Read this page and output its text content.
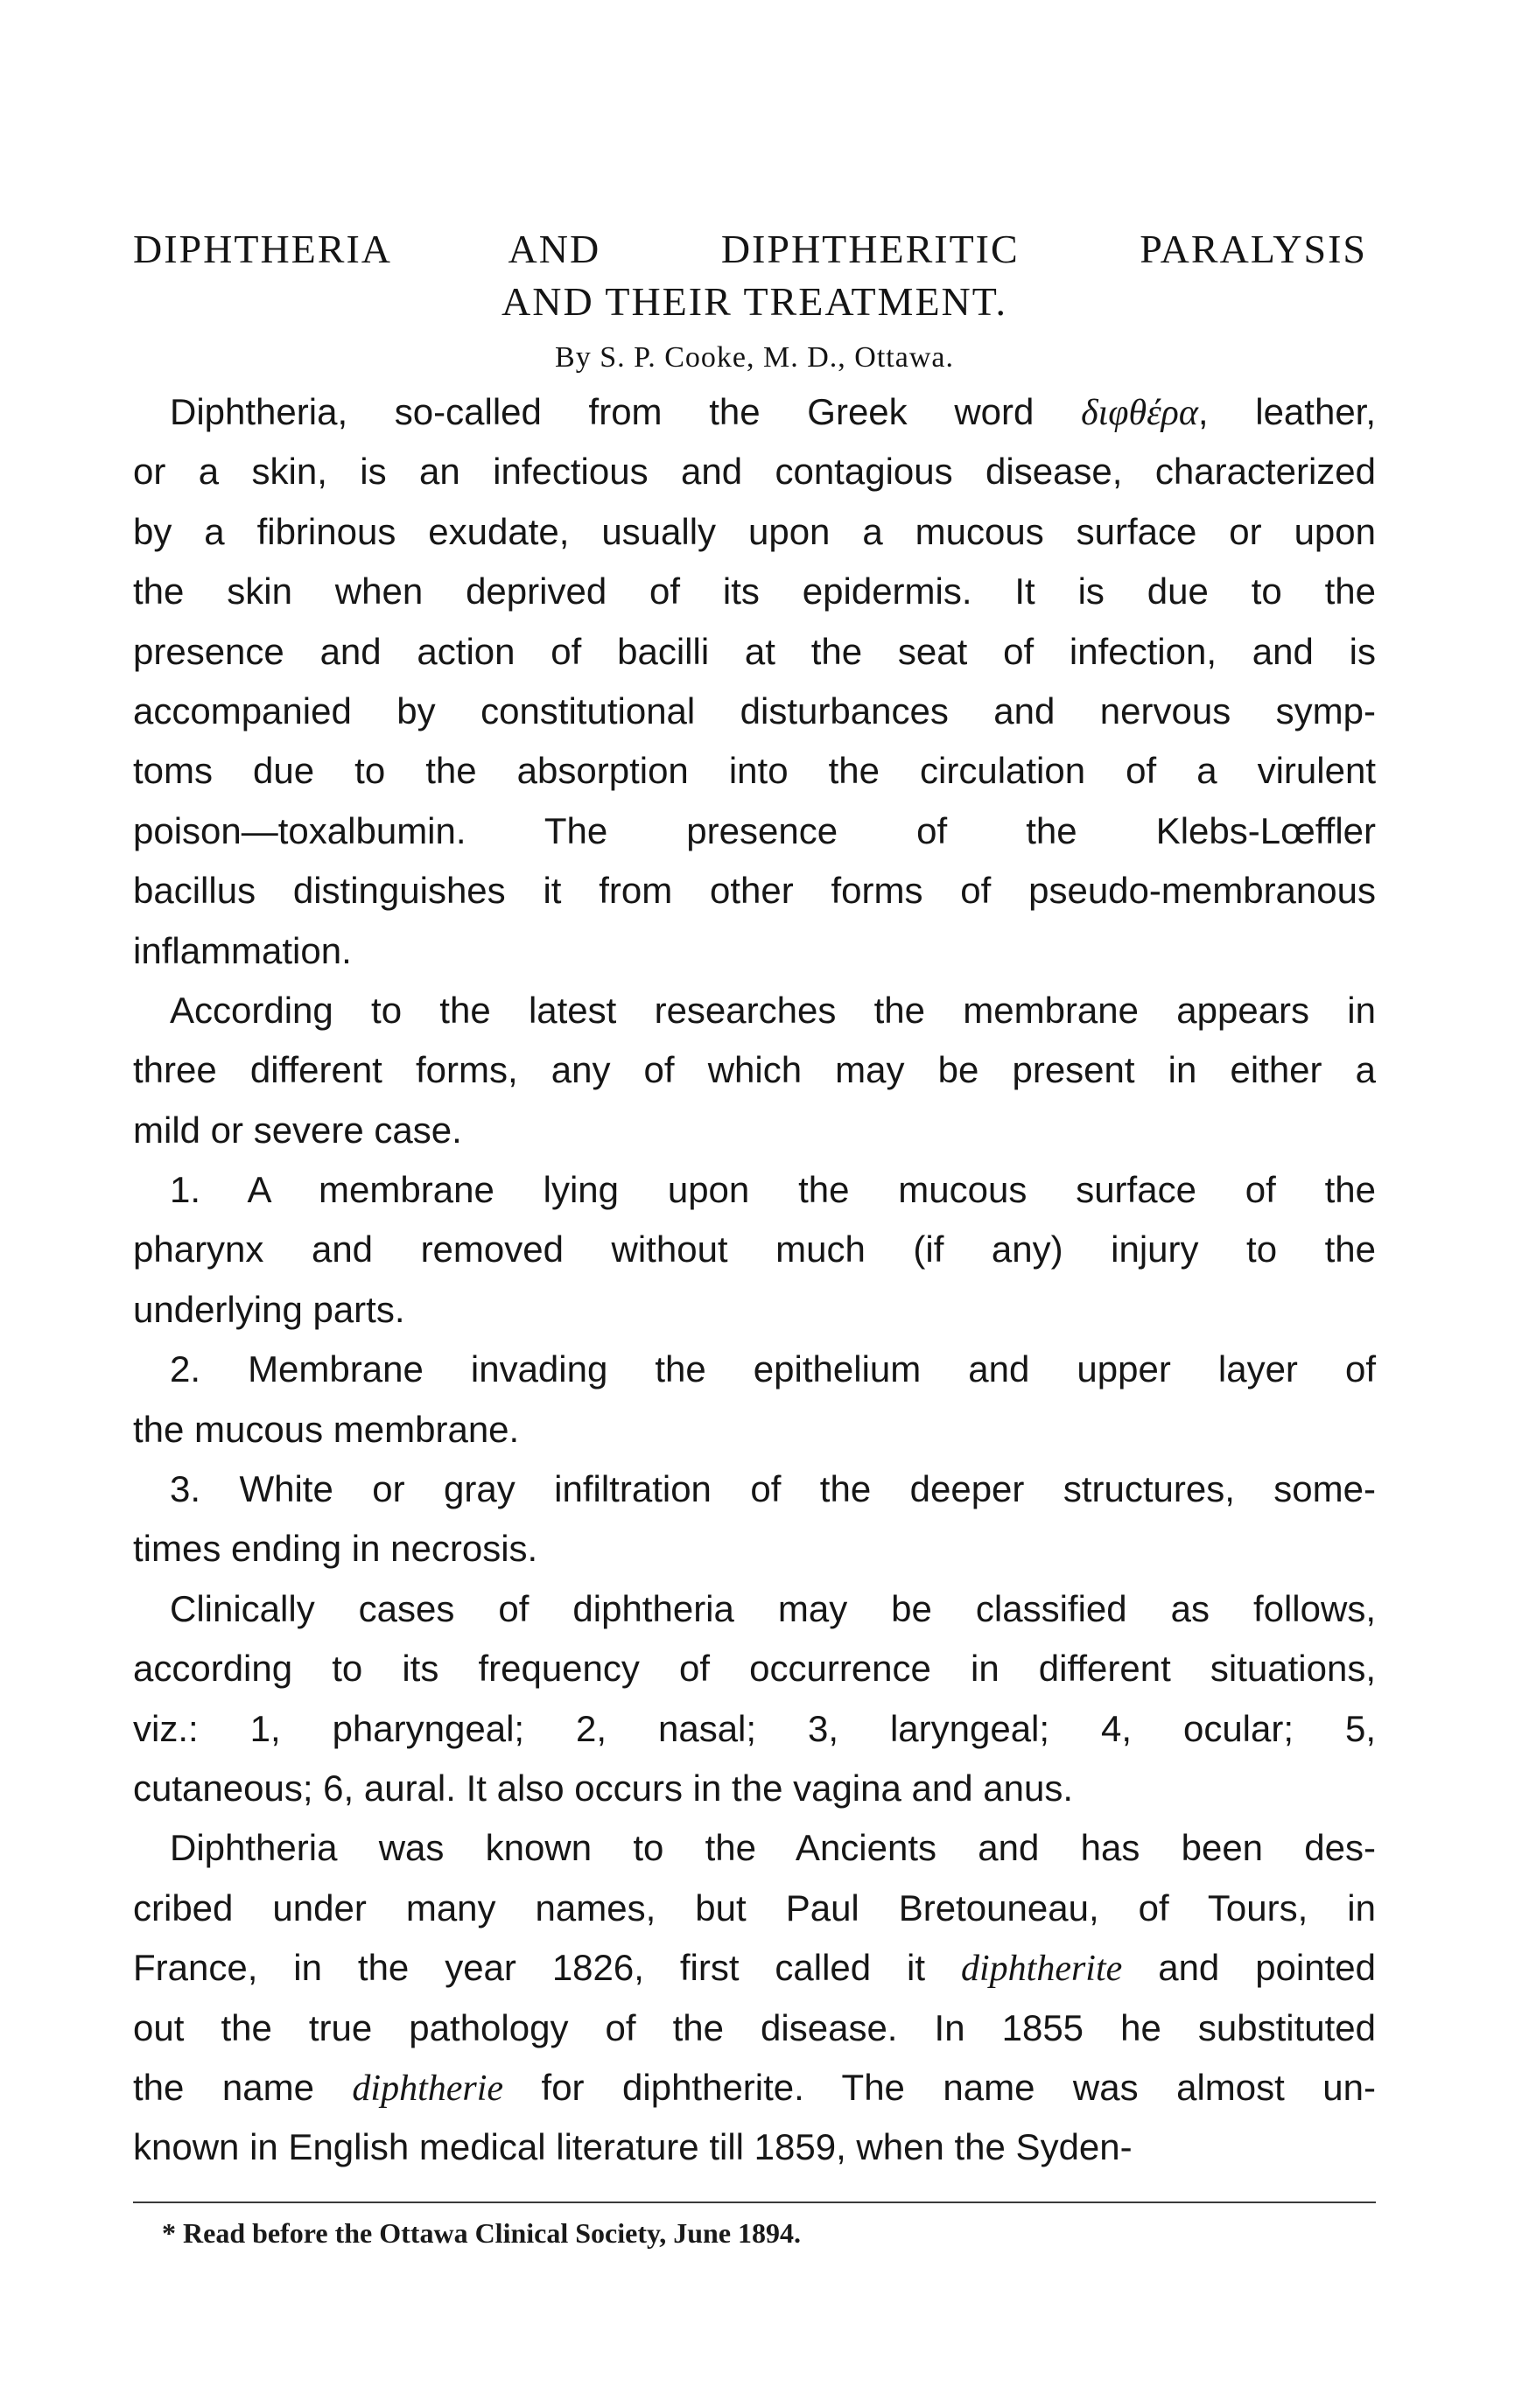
DIPHTHERIA AND DIPHTHERITIC PARALYSIS
AND THEIR TREATMENT.
By S. P. Cooke, M. D., Ottawa.
Diphtheria, so-called from the Greek word διφθέρα, leather,
or a skin, is an infectious and contagious disease, characterized
by a fibrinous exudate, usually upon a mucous surface or upon
the skin when deprived of its epidermis. It is due to the
presence and action of bacilli at the seat of infection, and is
accompanied by constitutional disturbances and nervous symp-
toms due to the absorption into the circulation of a virulent
poison—toxalbumin. The presence of the Klebs-Lœffler
bacillus distinguishes it from other forms of pseudo-membranous
inflammation.
According to the latest researches the membrane appears in
three different forms, any of which may be present in either a
mild or severe case.
1. A membrane lying upon the mucous surface of the
pharynx and removed without much (if any) injury to the
underlying parts.
2. Membrane invading the epithelium and upper layer of
the mucous membrane.
3. White or gray infiltration of the deeper structures, some-
times ending in necrosis.
Clinically cases of diphtheria may be classified as follows,
according to its frequency of occurrence in different situations,
viz.: 1, pharyngeal; 2, nasal; 3, laryngeal; 4, ocular; 5,
cutaneous; 6, aural. It also occurs in the vagina and anus.
Diphtheria was known to the Ancients and has been des-
cribed under many names, but Paul Bretouneau, of Tours, in
France, in the year 1826, first called it diphtherite and pointed
out the true pathology of the disease. In 1855 he substituted
the name diphtherie for diphtherite. The name was almost un-
known in English medical literature till 1859, when the Syden-
* Read before the Ottawa Clinical Society, June 1894.
